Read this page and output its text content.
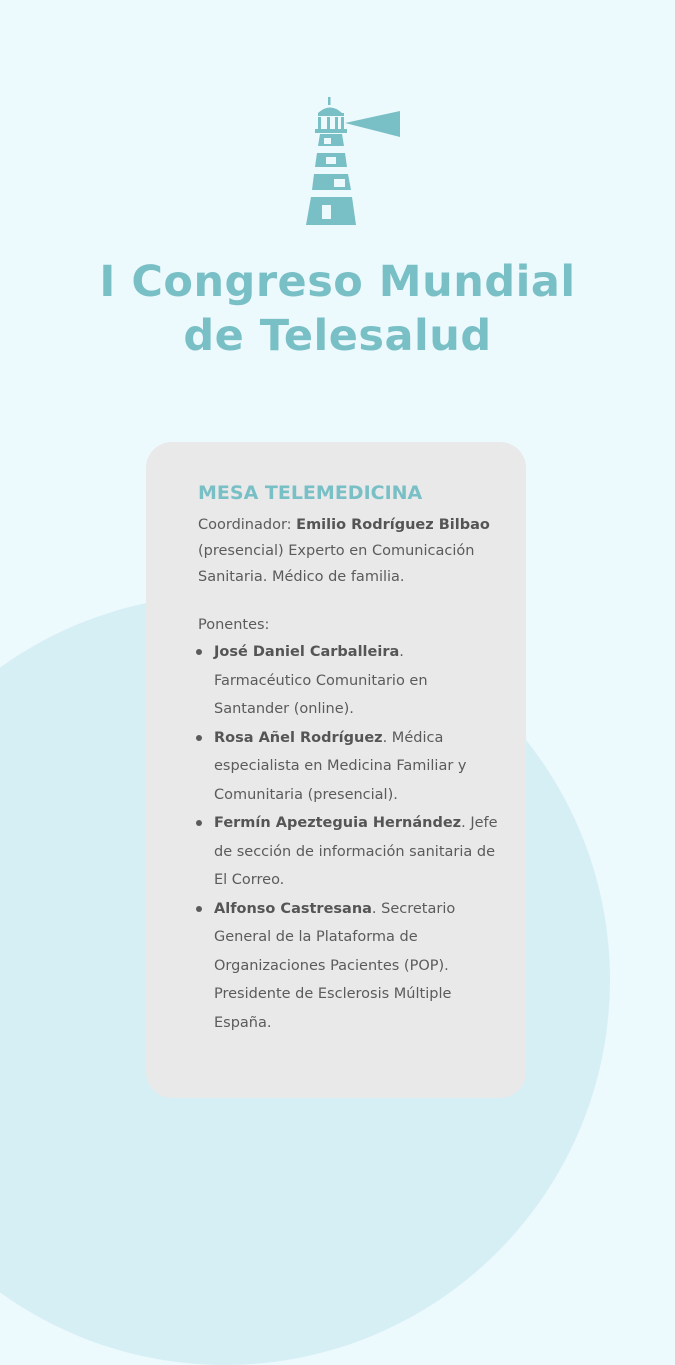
I Congreso Mundial
de Telesalud
MESA TELEMEDICINA

Coordinador: Emilio Rodríguez Bilbao (presencial) Experto en Comunicación Sanitaria. Médico de familia.

Ponentes:

José Daniel Carballeira. Farmacéutico Comunitario en Santander (online).
Rosa Añel Rodríguez. Médica especialista en Medicina Familiar y Comunitaria (presencial).
Fermín Apezteguia Hernández. Jefe de sección de información sanitaria de El Correo.
Alfonso Castresana. Secretario General de la Plataforma de Organizaciones Pacientes (POP). Presidente de Esclerosis Múltiple España.
